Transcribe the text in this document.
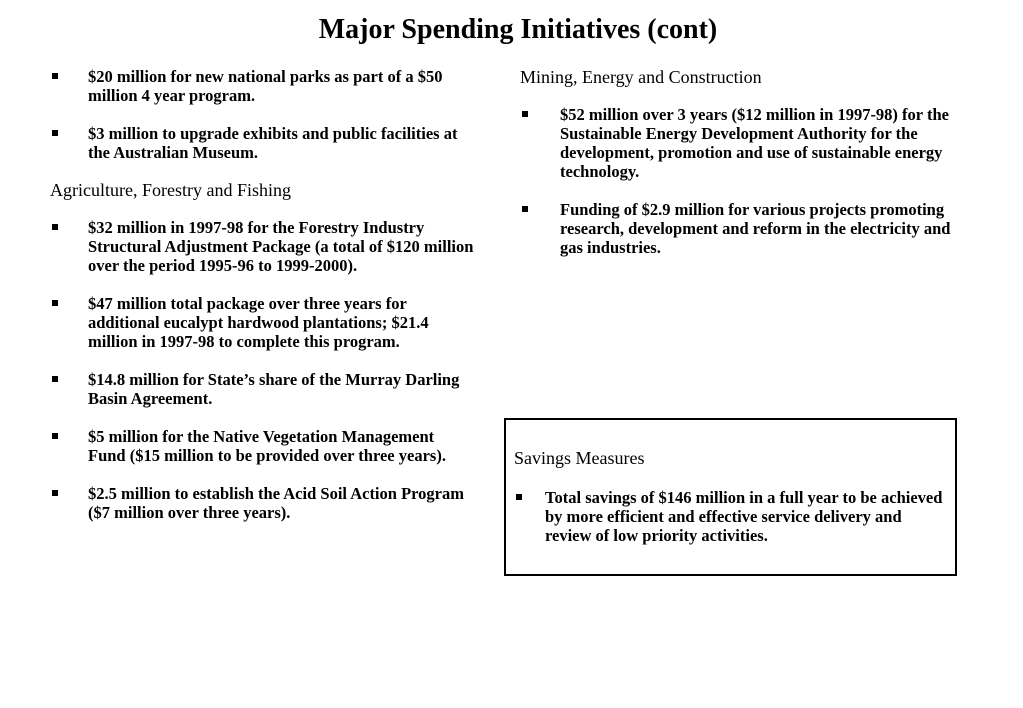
Major Spending Initiatives (cont)
$20 million for new national parks as part of a $50 million 4 year program.
$3 million to upgrade exhibits and public facilities at the Australian Museum.
Agriculture, Forestry and Fishing
$32 million in 1997-98 for the Forestry Industry Structural Adjustment Package (a total of $120 million over the period 1995-96 to 1999-2000).
$47 million total package over three years for additional eucalypt hardwood plantations; $21.4 million in 1997-98 to complete this program.
$14.8 million for State’s share of the Murray Darling Basin Agreement.
$5 million for the Native Vegetation Management Fund ($15 million to be provided over three years).
$2.5 million to establish the Acid Soil Action Program ($7 million over three years).
Mining, Energy and Construction
$52 million over 3 years ($12 million in 1997-98) for the Sustainable Energy Development Authority for the development, promotion and use of sustainable energy technology.
Funding of $2.9 million for various projects promoting research, development and reform in the electricity and gas industries.
Savings Measures
Total savings of $146 million in a full year to be achieved by more efficient and effective service delivery and review of low priority activities.
